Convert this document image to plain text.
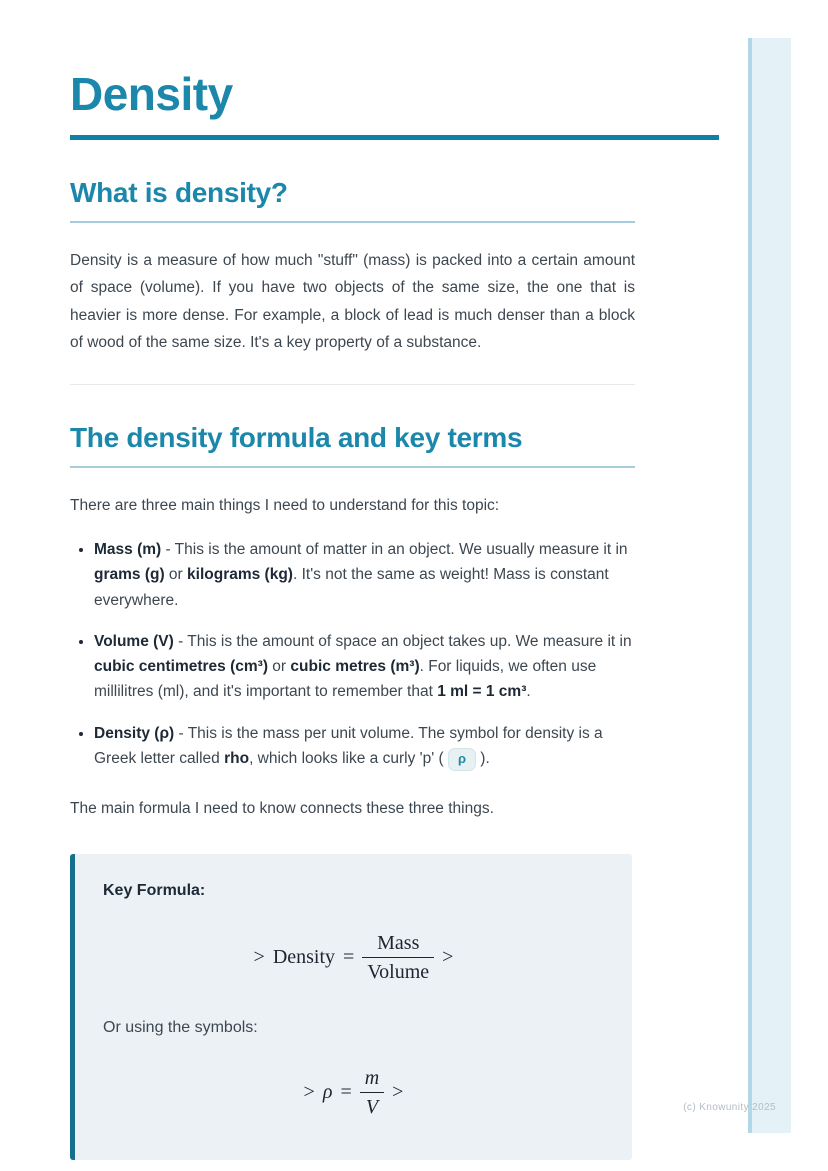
Density
What is density?

Density is a measure of how much "stuff" (mass) is packed into a certain amount of space (volume). If you have two objects of the same size, the one that is heavier is more dense. For example, a block of lead is much denser than a block of wood of the same size. It's a key property of a substance.

The density formula and key terms

There are three main things I need to understand for this topic:

• Mass (m) - This is the amount of matter in an object. We usually measure it in grams (g) or kilograms (kg). It's not the same as weight! Mass is constant everywhere.
• Volume (V) - This is the amount of space an object takes up. We measure it in cubic centimetres (cm³) or cubic metres (m³). For liquids, we often use millilitres (ml), and it's important to remember that 1 ml = 1 cm³.
• Density (ρ) - This is the mass per unit volume. The symbol for density is a Greek letter called rho, which looks like a curly 'p' ( ρ ).

The main formula I need to know connects these three things.

Key Formula:

> Density = $\frac{\text{Mass}}{\text{Volume}}$ >

Or using the symbols:

> $\rho = \frac{m}{V}$ >
(c) Knowunity 2025
